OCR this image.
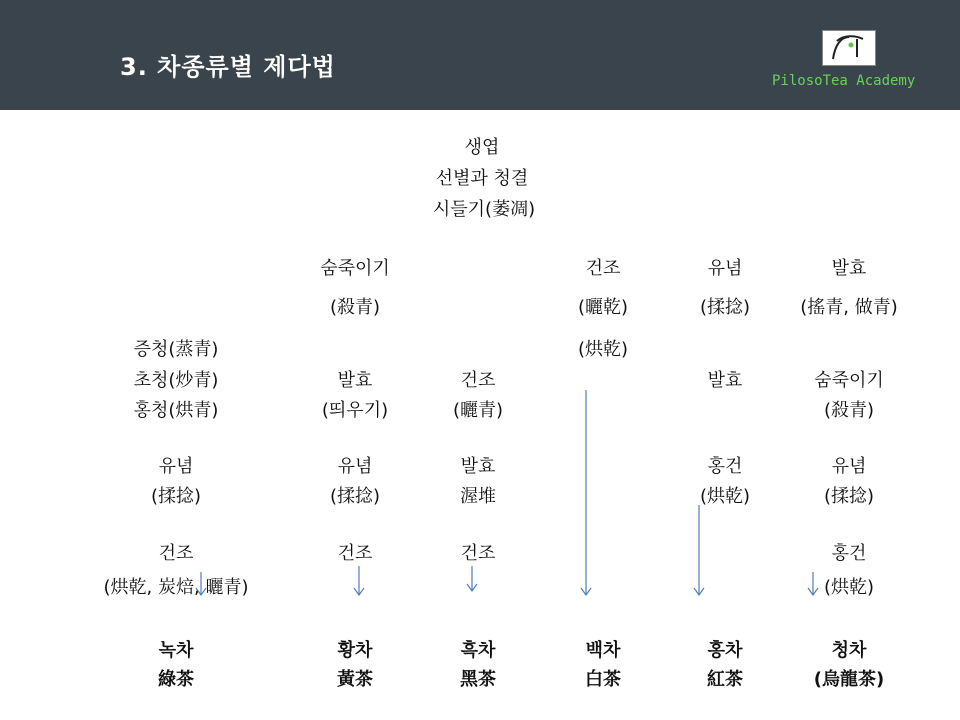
3. 차종류별 제다법	PilosoTea Academy
생엽
선별과 청결
시들기(萎凋)
숨죽이기
(殺青)
건조
(曬乾)
(烘乾)
유념
(揉捻)
발효
(搖青, 做青)
증청(蒸青)
초청(炒青)
홍청(烘青)
유념
(揉捻)
건조
(烘乾, 炭焙, 曬青)
녹차
綠茶
발효
(띄우기)
유념
(揉捻)
건조
황차
黃茶
건조
(曬青)
발효
渥堆
건조
흑차
黑茶
백차
白茶
발효
홍건
(烘乾)
홍차
紅茶
숨죽이기
(殺青)
유념
(揉捻)
홍건
(烘乾)
청차
(烏龍茶)
